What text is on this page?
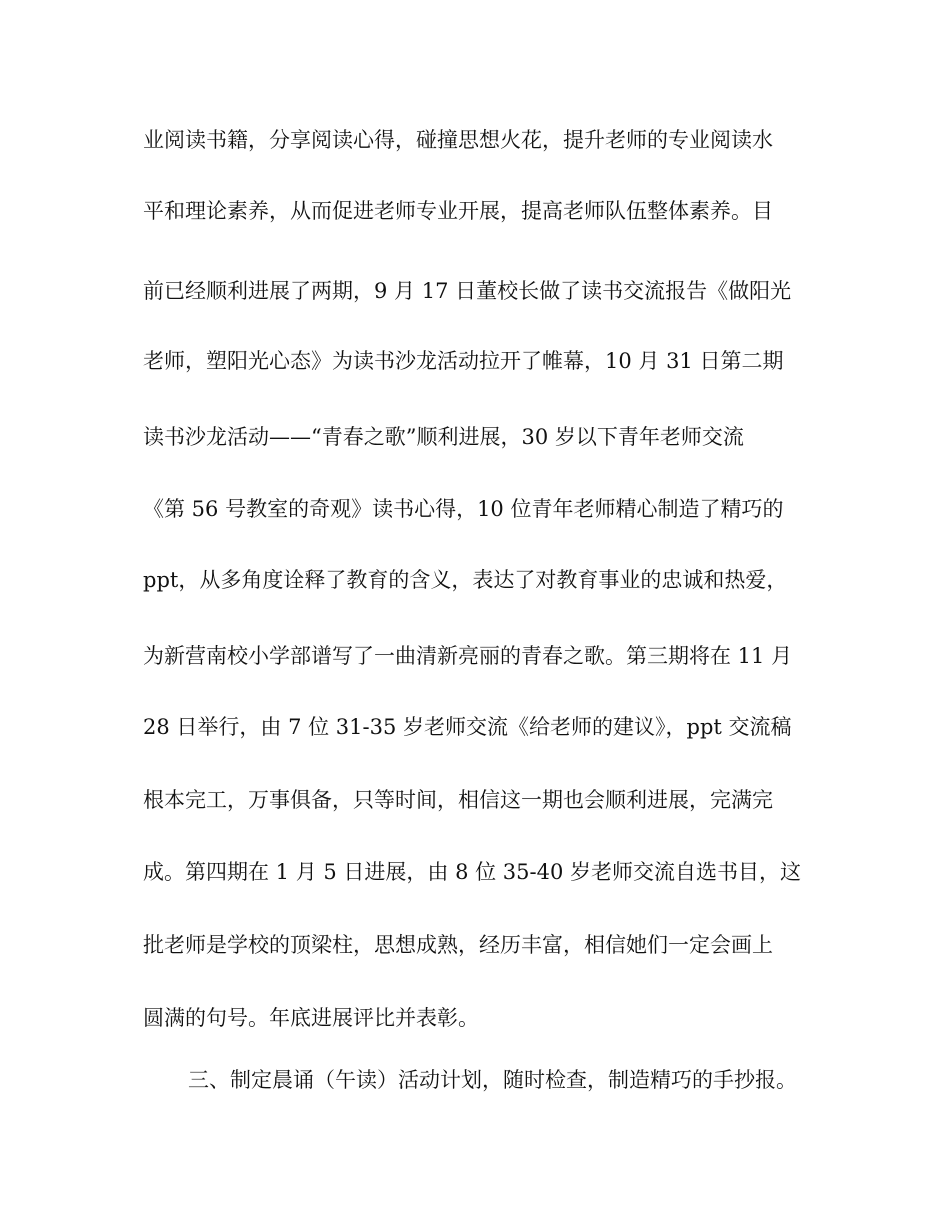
业阅读书籍，分享阅读心得，碰撞思想火花，提升老师的专业阅读水
平和理论素养，从而促进老师专业开展，提高老师队伍整体素养。目
前已经顺利进展了两期，9 月 17 日董校长做了读书交流报告《做阳光
老师，塑阳光心态》为读书沙龙活动拉开了帷幕，10 月 31 日第二期
读书沙龙活动——“青春之歌”顺利进展，30 岁以下青年老师交流
《第 56 号教室的奇观》读书心得，10 位青年老师精心制造了精巧的
ppt，从多角度诠释了教育的含义，表达了对教育事业的忠诚和热爱，
为新营南校小学部谱写了一曲清新亮丽的青春之歌。第三期将在 11 月
28 日举行，由 7 位 31-35 岁老师交流《给老师的建议》，ppt 交流稿
根本完工，万事俱备，只等时间，相信这一期也会顺利进展，完满完
成。第四期在 1 月 5 日进展，由 8 位 35-40 岁老师交流自选书目，这
批老师是学校的顶梁柱，思想成熟，经历丰富，相信她们一定会画上
圆满的句号。年底进展评比并表彰。
三、制定晨诵（午读）活动计划，随时检查，制造精巧的手抄报。
